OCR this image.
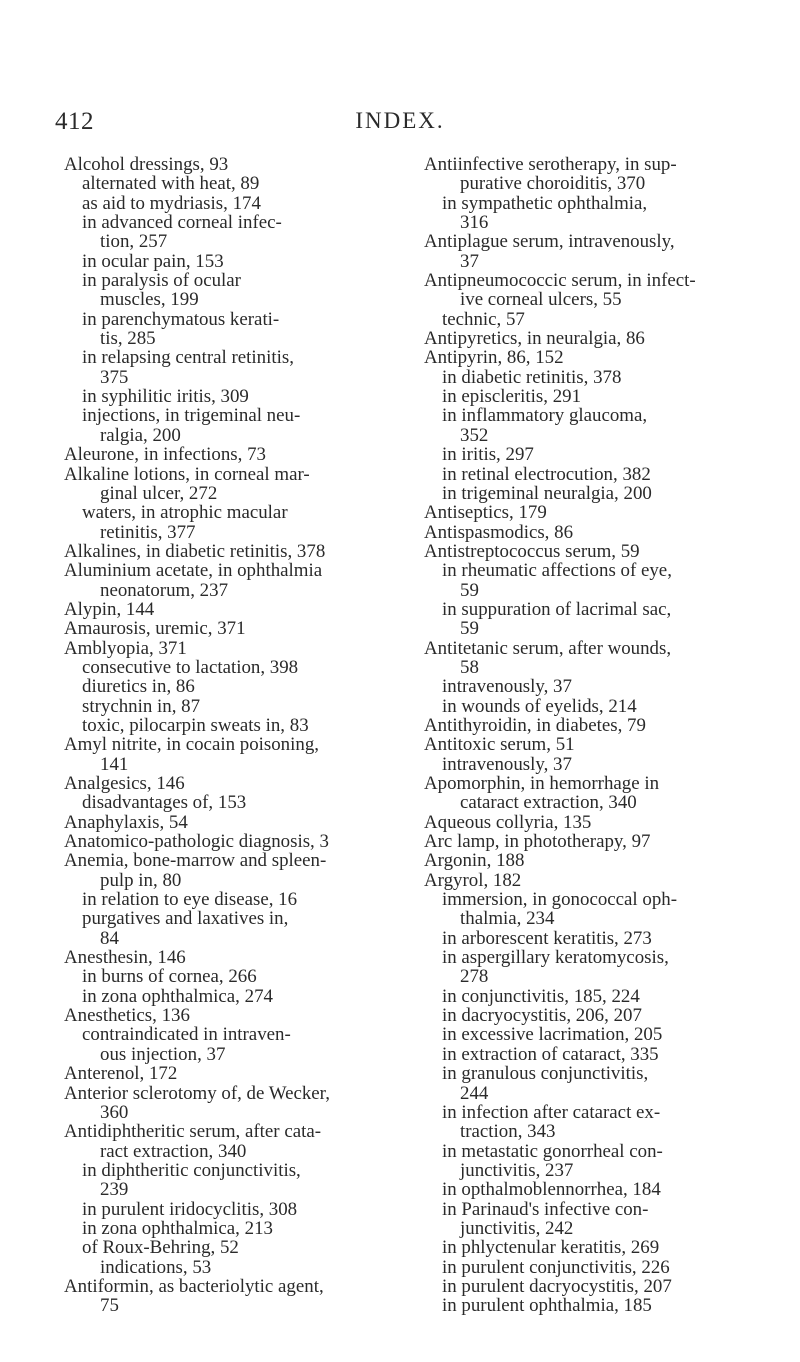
412	INDEX.
Alcohol dressings, 93
alternated with heat, 89
as aid to mydriasis, 174
in advanced corneal infec-
tion, 257
in ocular pain, 153
in paralysis of ocular
muscles, 199
in parenchymatous kerati-
tis, 285
in relapsing central retinitis,
375
in syphilitic iritis, 309
injections, in trigeminal neu-
ralgia, 200
Aleurone, in infections, 73
Alkaline lotions, in corneal mar-
ginal ulcer, 272
waters, in atrophic macular
retinitis, 377
Alkalines, in diabetic retinitis, 378
Aluminium acetate, in ophthalmia
neonatorum, 237
Alypin, 144
Amaurosis, uremic, 371
Amblyopia, 371
consecutive to lactation, 398
diuretics in, 86
strychnin in, 87
toxic, pilocarpin sweats in, 83
Amyl nitrite, in cocain poisoning,
141
Analgesics, 146
disadvantages of, 153
Anaphylaxis, 54
Anatomico-pathologic diagnosis, 3
Anemia, bone-marrow and spleen-
pulp in, 80
in relation to eye disease, 16
purgatives and laxatives in,
84
Anesthesin, 146
in burns of cornea, 266
in zona ophthalmica, 274
Anesthetics, 136
contraindicated in intraven-
ous injection, 37
Anterenol, 172
Anterior sclerotomy of, de Wecker,
360
Antidiphtheritic serum, after cata-
ract extraction, 340
in diphtheritic conjunctivitis,
239
in purulent iridocyclitis, 308
in zona ophthalmica, 213
of Roux-Behring, 52
indications, 53
Antiformin, as bacteriolytic agent,
75
Antiinfective serotherapy, in sup-
purative choroiditis, 370
in sympathetic ophthalmia,
316
Antiplague serum, intravenously,
37
Antipneumococcic serum, in infect-
ive corneal ulcers, 55
technic, 57
Antipyretics, in neuralgia, 86
Antipyrin, 86, 152
in diabetic retinitis, 378
in episcleritis, 291
in inflammatory glaucoma,
352
in iritis, 297
in retinal electrocution, 382
in trigeminal neuralgia, 200
Antiseptics, 179
Antispasmodics, 86
Antistreptococcus serum, 59
in rheumatic affections of eye,
59
in suppuration of lacrimal sac,
59
Antitetanic serum, after wounds,
58
intravenously, 37
in wounds of eyelids, 214
Antithyroidin, in diabetes, 79
Antitoxic serum, 51
intravenously, 37
Apomorphin, in hemorrhage in
cataract extraction, 340
Aqueous collyria, 135
Arc lamp, in phototherapy, 97
Argonin, 188
Argyrol, 182
immersion, in gonococcal oph-
thalmia, 234
in arborescent keratitis, 273
in aspergillary keratomycosis,
278
in conjunctivitis, 185, 224
in dacryocystitis, 206, 207
in excessive lacrimation, 205
in extraction of cataract, 335
in granulous conjunctivitis,
244
in infection after cataract ex-
traction, 343
in metastatic gonorrheal con-
junctivitis, 237
in opthalmoblennorrhea, 184
in Parinaud's infective con-
junctivitis, 242
in phlyctenular keratitis, 269
in purulent conjunctivitis, 226
in purulent dacryocystitis, 207
in purulent ophthalmia, 185
